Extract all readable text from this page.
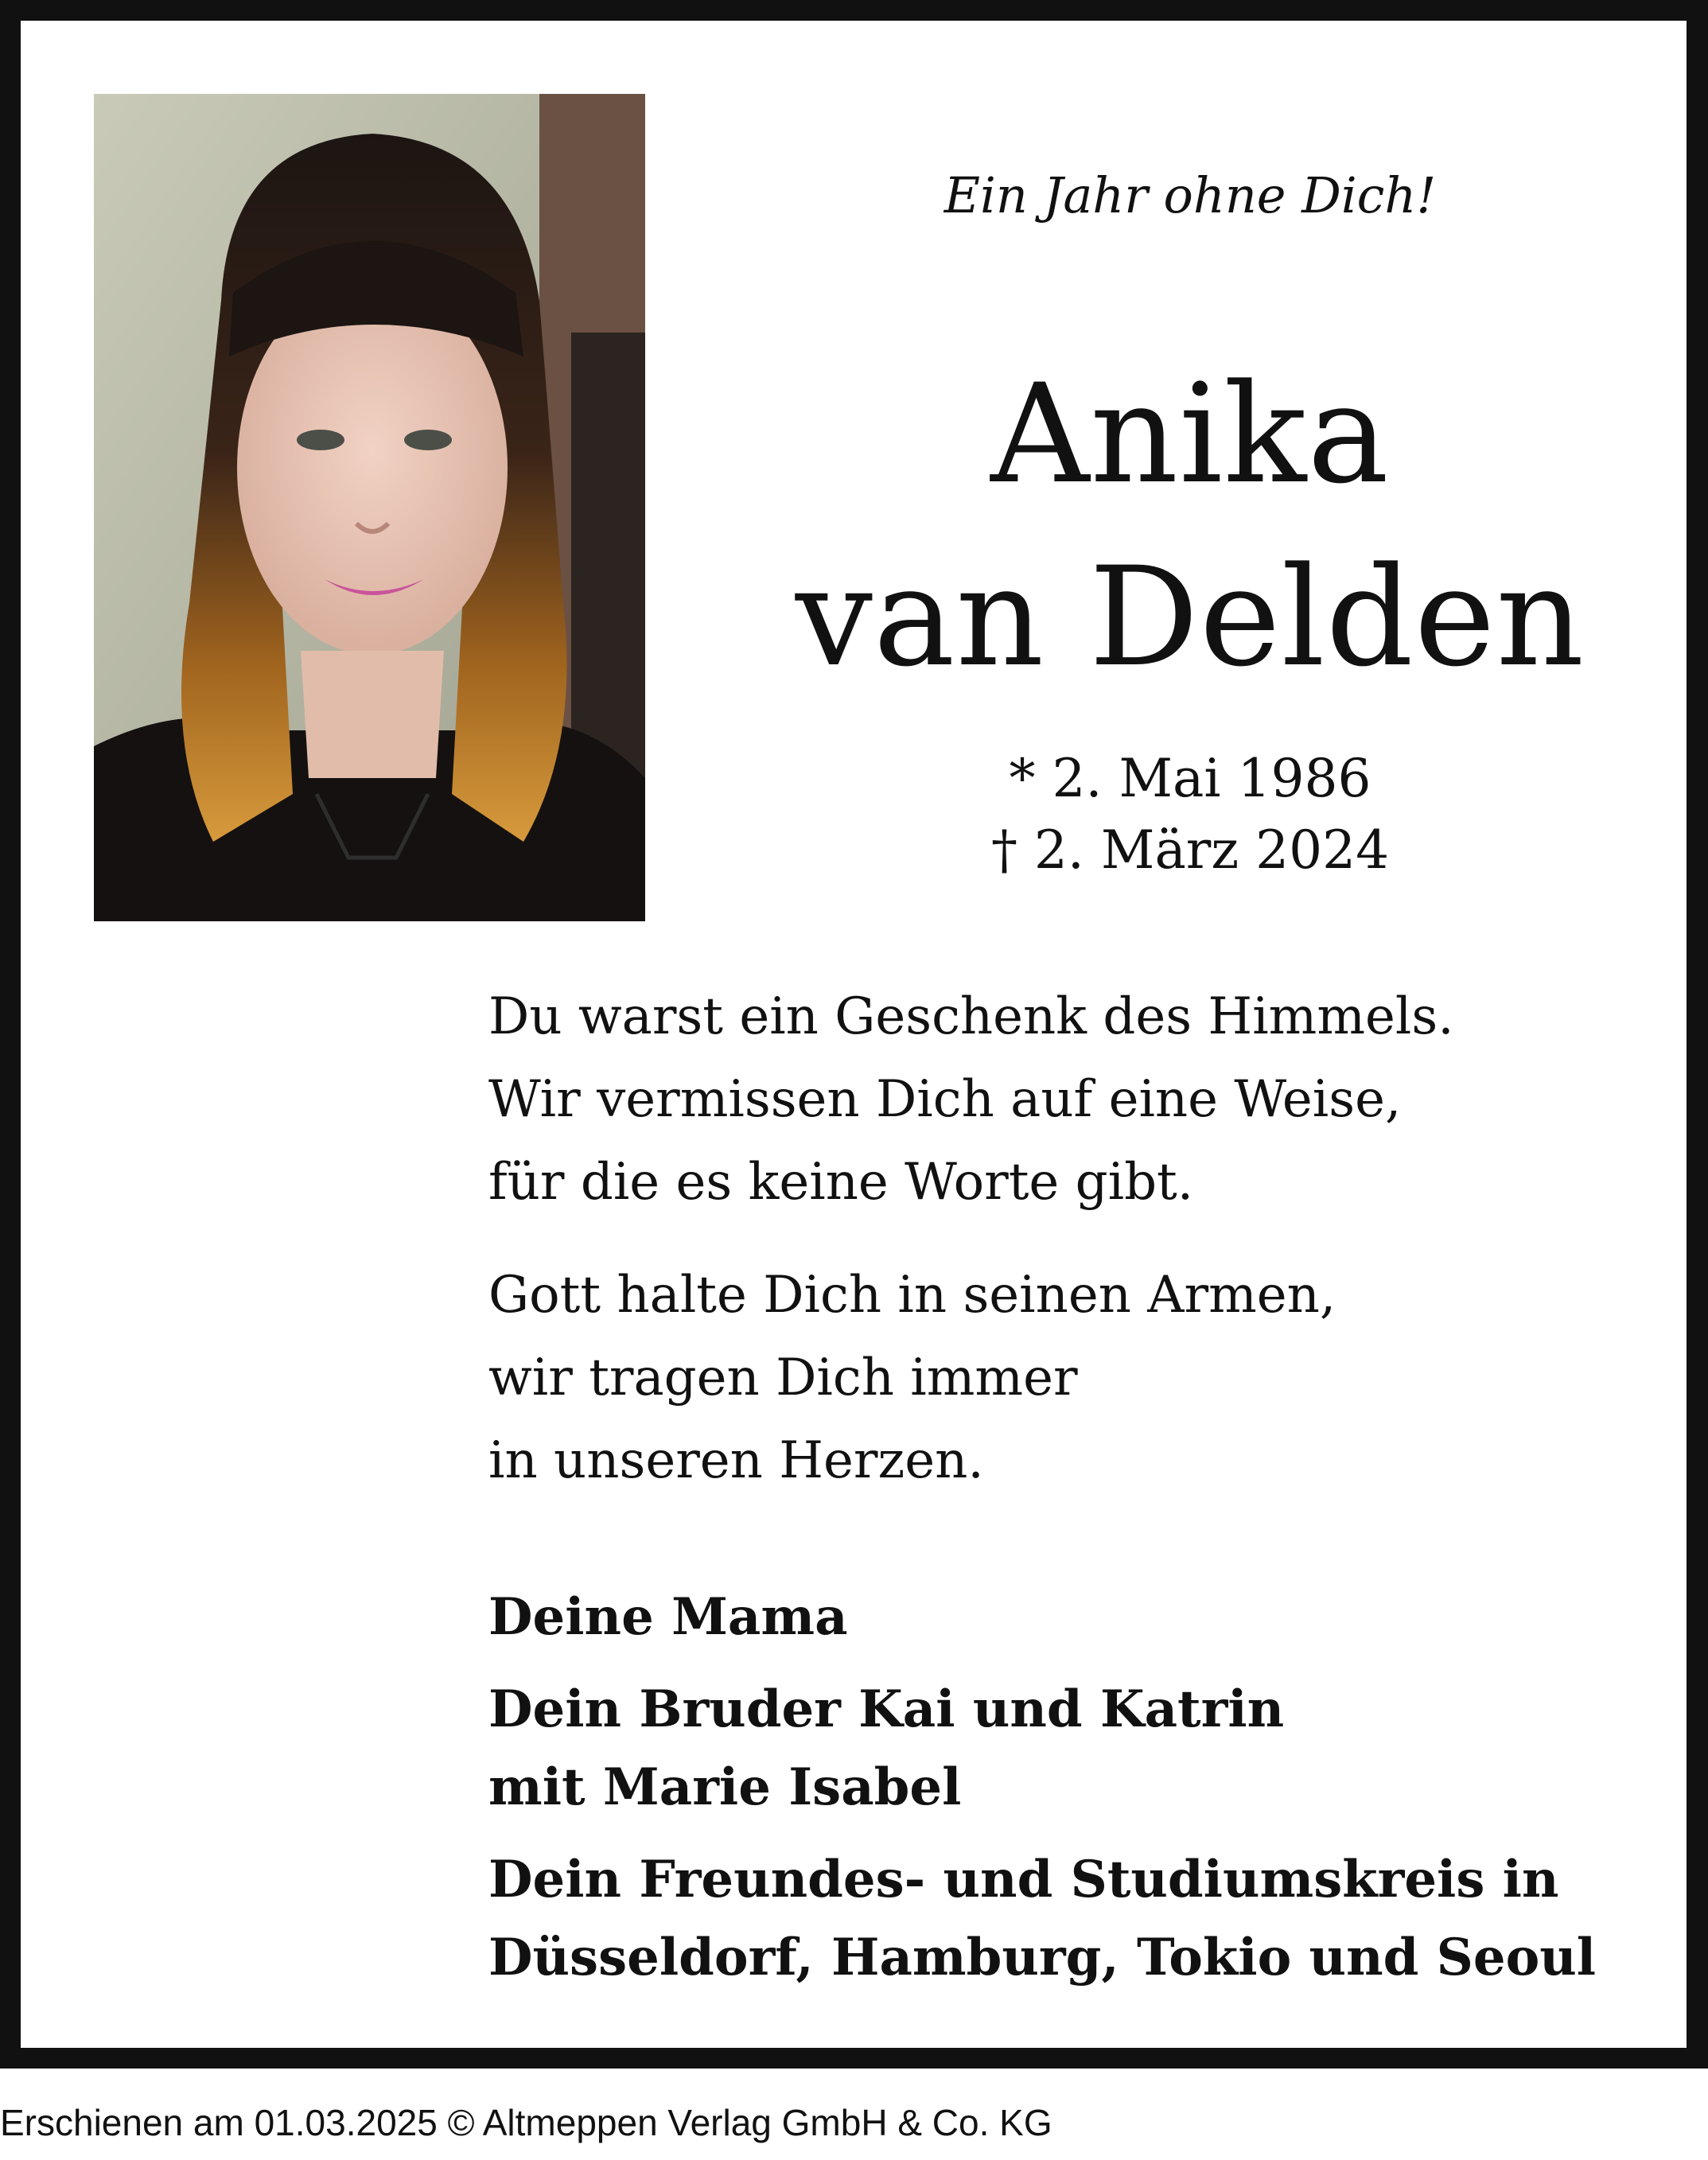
Ein Jahr ohne Dich!
Anika
van Delden
* 2. Mai 1986
† 2. März 2024
Du warst ein Geschenk des Himmels.
Wir vermissen Dich auf eine Weise,
für die es keine Worte gibt.
Gott halte Dich in seinen Armen,
wir tragen Dich immer
in unseren Herzen.
Deine Mama
Dein Bruder Kai und Katrin
mit Marie Isabel
Dein Freundes- und Studiumskreis in
Düsseldorf, Hamburg, Tokio und Seoul
Erschienen am 01.03.2025 © Altmeppen Verlag GmbH & Co. KG
